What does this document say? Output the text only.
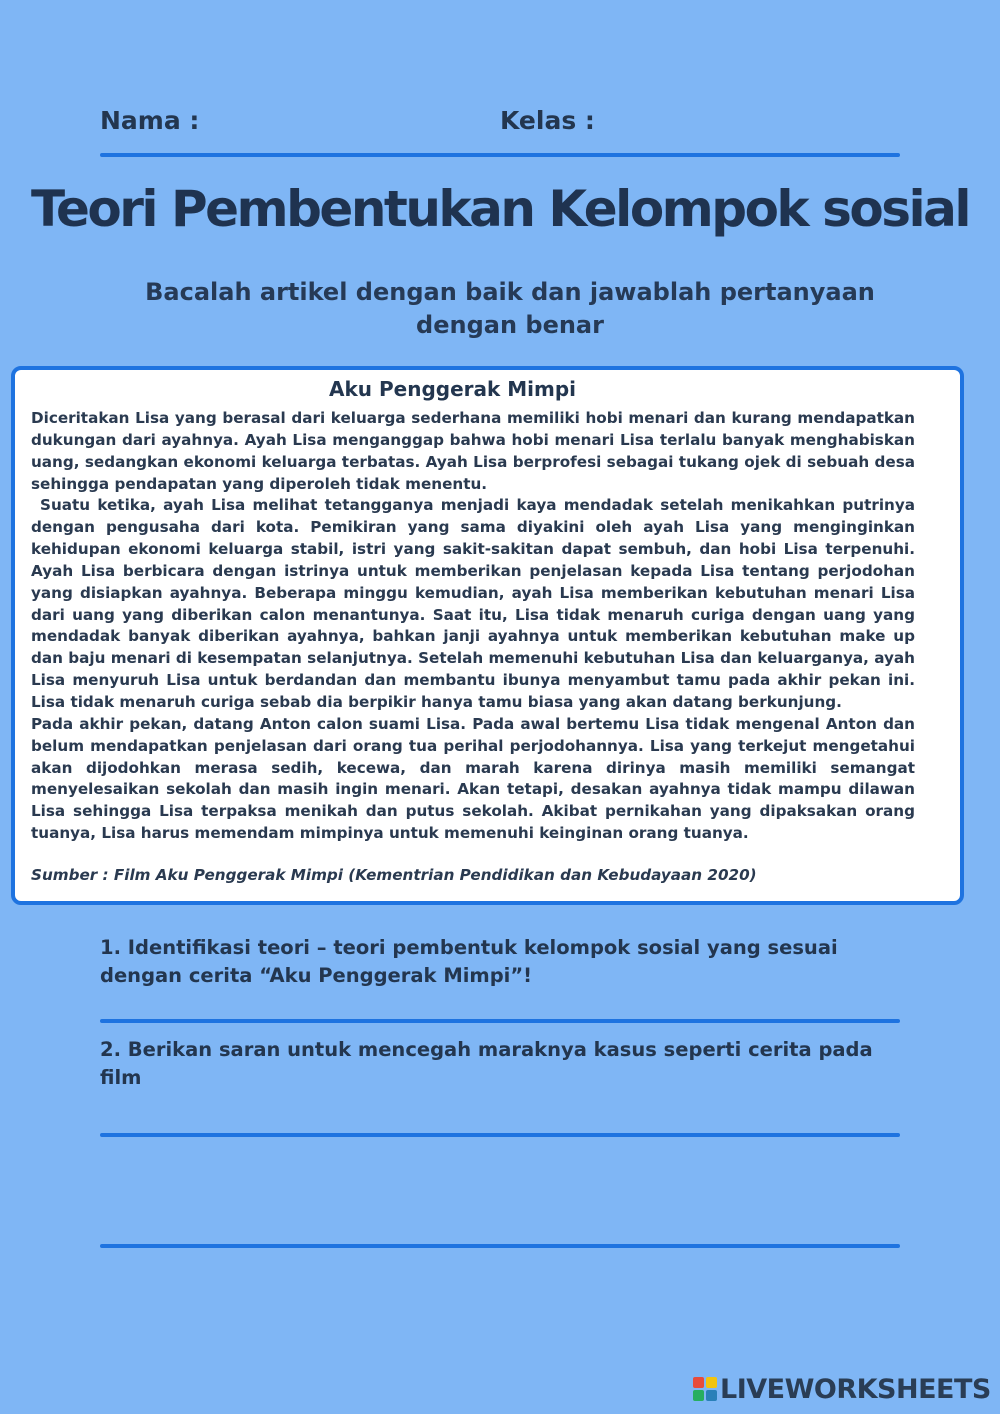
Nama :	Kelas :
Teori Pembentukan Kelompok sosial
Bacalah artikel dengan baik dan jawablah pertanyaan dengan benar
Aku Penggerak Mimpi

Diceritakan Lisa yang berasal dari keluarga sederhana memiliki hobi menari dan kurang mendapatkan dukungan dari ayahnya. Ayah Lisa menganggap bahwa hobi menari Lisa terlalu banyak menghabiskan uang, sedangkan ekonomi keluarga terbatas. Ayah Lisa berprofesi sebagai tukang ojek di sebuah desa sehingga pendapatan yang diperoleh tidak menentu.

Suatu ketika, ayah Lisa melihat tetangganya menjadi kaya mendadak setelah menikahkan putrinya dengan pengusaha dari kota. Pemikiran yang sama diyakini oleh ayah Lisa yang menginginkan kehidupan ekonomi keluarga stabil, istri yang sakit-sakitan dapat sembuh, dan hobi Lisa terpenuhi. Ayah Lisa berbicara dengan istrinya untuk memberikan penjelasan kepada Lisa tentang perjodohan yang disiapkan ayahnya. Beberapa minggu kemudian, ayah Lisa memberikan kebutuhan menari Lisa dari uang yang diberikan calon menantunya. Saat itu, Lisa tidak menaruh curiga dengan uang yang mendadak banyak diberikan ayahnya, bahkan janji ayahnya untuk memberikan kebutuhan make up dan baju menari di kesempatan selanjutnya. Setelah memenuhi kebutuhan Lisa dan keluarganya, ayah Lisa menyuruh Lisa untuk berdandan dan membantu ibunya menyambut tamu pada akhir pekan ini. Lisa tidak menaruh curiga sebab dia berpikir hanya tamu biasa yang akan datang berkunjung.

Pada akhir pekan, datang Anton calon suami Lisa. Pada awal bertemu Lisa tidak mengenal Anton dan belum mendapatkan penjelasan dari orang tua perihal perjodohannya. Lisa yang terkejut mengetahui akan dijodohkan merasa sedih, kecewa, dan marah karena dirinya masih memiliki semangat menyelesaikan sekolah dan masih ingin menari. Akan tetapi, desakan ayahnya tidak mampu dilawan Lisa sehingga Lisa terpaksa menikah dan putus sekolah. Akibat pernikahan yang dipaksakan orang tuanya, Lisa harus memendam mimpinya untuk memenuhi keinginan orang tuanya.

Sumber : Film Aku Penggerak Mimpi (Kementrian Pendidikan dan Kebudayaan 2020)
1. Identifikasi teori – teori pembentuk kelompok sosial yang sesuai dengan cerita “Aku Penggerak Mimpi”!
2. Berikan saran untuk mencegah maraknya kasus seperti cerita pada film
LIVEWORKSHEETS
